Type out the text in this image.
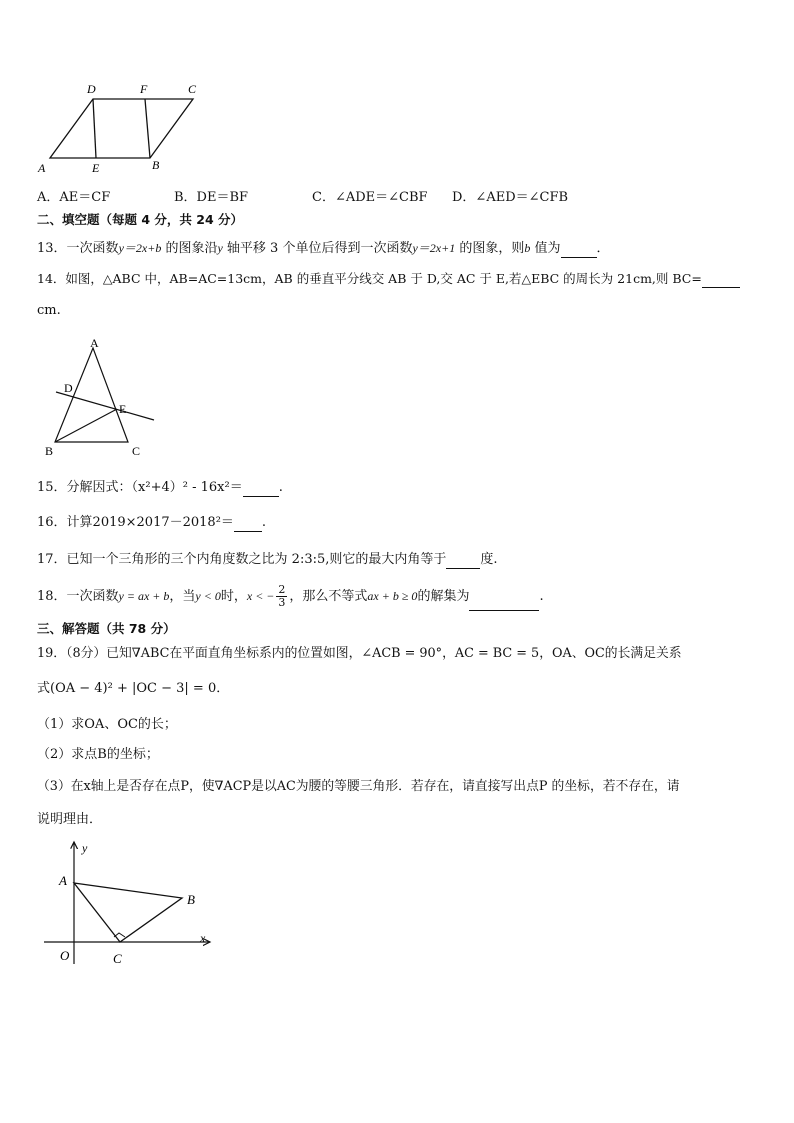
D	F	C
A	E	B
A．AE＝CF	B．DE＝BF	C．∠ADE＝∠CBF D．∠AED＝∠CFB
二、填空题（每题 4 分，共 24 分）
13．一次函数y＝2x+b 的图象沿y 轴平移 3 个单位后得到一次函数y＝2x+1 的图象，则b 值为	．
14．如图，△ABC 中，AB=AC=13cm，AB 的垂直平分线交 AB 于 D,交 AC 于 E,若△EBC 的周长为 21cm,则 BC=
cm.
A
D
E
B	C
15．分解因式：（x²+4）² - 16x²＝	.
16．计算2019×2017－2018²＝ .
17．已知一个三角形的三个内角度数之比为 2:3:5,则它的最大内角等于	度.
18．一次函数y = ax + b，当y < 0时，x < − $\frac{2}{3}$ ，那么不等式ax + b ≥ 0的解集为	.
三、解答题（共 78 分）
19．（8分）已知∇ABC在平面直角坐标系内的位置如图，∠ACB = 90°，AC = BC = 5，OA、OC的长满足关系
式(OA − 4)² + |OC − 3| = 0．
（1）求OA、OC的长；
（2）求点B的坐标；
（3）在x轴上是否存在点P，使∇ACP是以AC为腰的等腰三角形．若存在，请直接写出点P 的坐标，若不存在，请
说明理由．
y
x
A
B
O	C
